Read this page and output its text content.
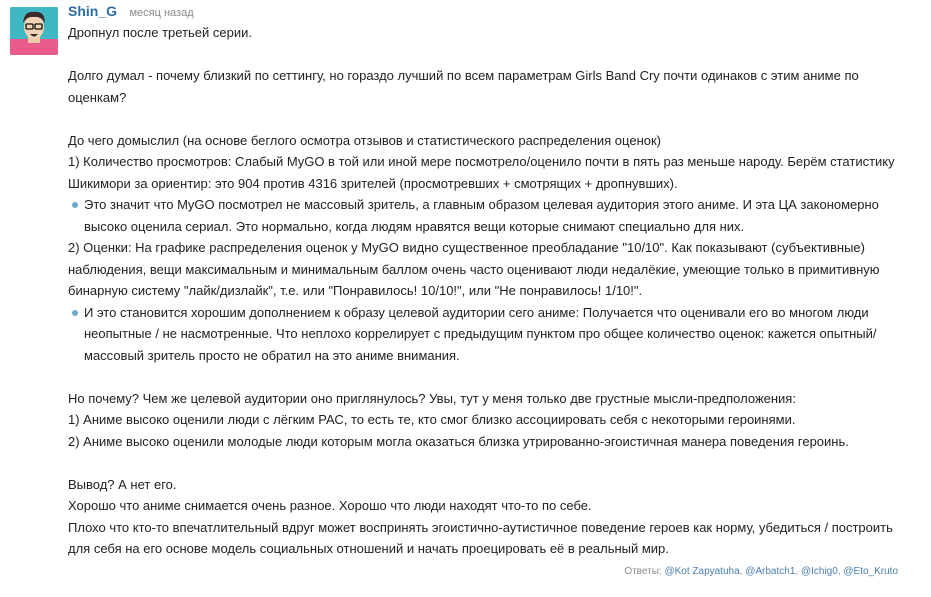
Shin_G месяц назад

Дропнул после третьей серии.

Долго думал - почему близкий по сеттингу, но гораздо лучший по всем параметрам Girls Band Cry почти одинаков с этим аниме по оценкам?

До чего домыслил (на основе беглого осмотра отзывов и статистического распределения оценок)

1) Количество просмотров: Слабый MyGO в той или иной мере посмотрело/оценило почти в пять раз меньше народу. Берём статистику Шикимори за ориентир: это 904 против 4316 зрителей (просмотревших + смотрящих + дропнувших).

Это значит что MyGO посмотрел не массовый зритель, а главным образом целевая аудитория этого аниме. И эта ЦА закономерно высоко оценила сериал. Это нормально, когда людям нравятся вещи которые снимают специально для них.

2) Оценки: На графике распределения оценок у MyGO видно существенное преобладание "10/10". Как показывают (субъективные) наблюдения, вещи максимальным и минимальным баллом очень часто оценивают люди недалёкие, умеющие только в примитивную бинарную систему "лайк/дизлайк", т.е. или "Понравилось! 10/10!", или "Не понравилось! 1/10!".

И это становится хорошим дополнением к образу целевой аудитории сего аниме: Получается что оценивали его во многом люди неопытные / не насмотренные. Что неплохо коррелирует с предыдущим пунктом про общее количество оценок: кажется опытный/массовый зритель просто не обратил на это аниме внимания.

Но почему? Чем же целевой аудитории оно приглянулось? Увы, тут у меня только две грустные мысли-предположения:

1) Аниме высоко оценили люди с лёгким РАС, то есть те, кто смог близко ассоциировать себя с некоторыми героинями.

2) Аниме высоко оценили молодые люди которым могла оказаться близка утрированно-эгоистичная манера поведения героинь.

Вывод? А нет его.

Хорошо что аниме снимается очень разное. Хорошо что люди находят что-то по себе.

Плохо что кто-то впечатлительный вдруг может воспринять эгоистично-аутистичное поведение героев как норму, убедиться / построить для себя на его основе модель социальных отношений и начать проецировать её в реальный мир.

Ответы: @Kot Zapyatuha, @Arbatch1, @Ichig0, @Eto_Kruto
